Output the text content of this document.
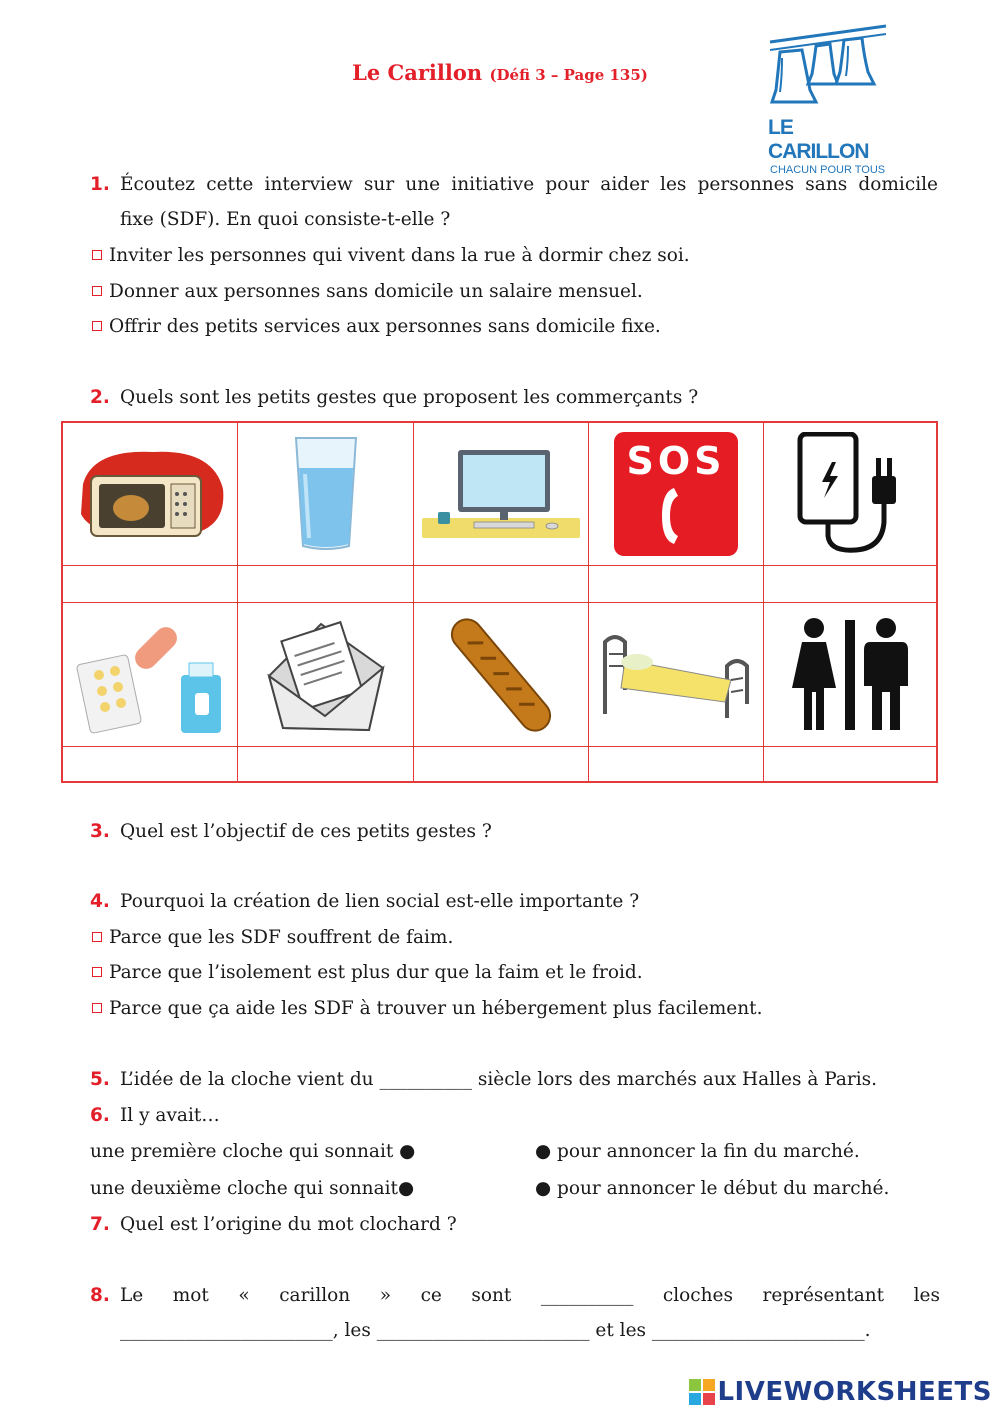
Le Carillon (Défi 3 – Page 135)
LE CARILLON
CHACUN POUR TOUS
1. Écoutez cette interview sur une initiative pour aider les personnes sans domicile
fixe (SDF). En quoi consiste-t-elle ?
Inviter les personnes qui vivent dans la rue à dormir chez soi.
Donner aux personnes sans domicile un salaire mensuel.
Offrir des petits services aux personnes sans domicile fixe.
2. Quels sont les petits gestes que proposent les commerçants ?
SOS
3. Quel est l’objectif de ces petits gestes ?
4. Pourquoi la création de lien social est-elle importante ?
Parce que les SDF souffrent de faim.
Parce que l’isolement est plus dur que la faim et le froid.
Parce que ça aide les SDF à trouver un hébergement plus facilement.
5. L’idée de la cloche vient du __________ siècle lors des marchés aux Halles à Paris.
6. Il y avait…
une première cloche qui sonnait ●
une deuxième cloche qui sonnait●
● pour annoncer la fin du marché.
● pour annoncer le début du marché.
7. Quel est l’origine du mot clochard ?
8. Le mot « carillon » ce sont __________ cloches représentant les
_______________________, les _______________________ et les _______________________.
LIVEWORKSHEETS
